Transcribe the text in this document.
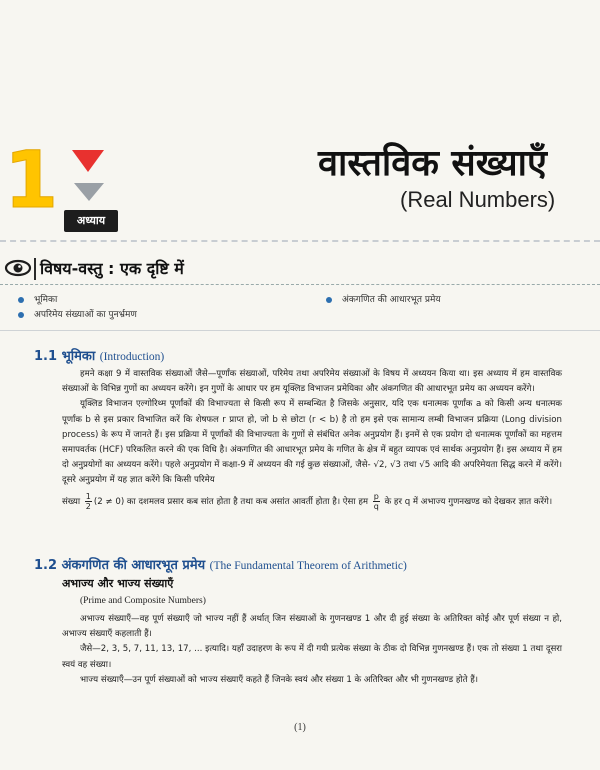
1	अध्याय
वास्तविक संख्याएँ
(Real Numbers)
विषय-वस्तु : एक दृष्टि में
भूमिका
अपरिमेय संख्याओं का पुनर्भ्रमण
अंकगणित की आधारभूत प्रमेय
1.1 भूमिका (Introduction)

हमने कक्षा 9 में वास्तविक संख्याओं जैसे—पूर्णांक संख्याओं, परिमेय तथा अपरिमेय संख्याओं के विषय में अध्ययन किया था। इस अध्याय में हम वास्तविक संख्याओं के विभिन्न गुणों का अध्ययन करेंगे। इन गुणों के आधार पर हम यूक्लिड विभाजन प्रमेयिका और अंकगणित की आधारभूत प्रमेय का अध्ययन करेंगे।

यूक्लिड विभाजन एल्गोरिथ्म पूर्णांकों की विभाज्यता से किसी रूप में सम्बन्धित है जिसके अनुसार, यदि एक धनात्मक पूर्णांक a को किसी अन्य धनात्मक पूर्णांक b से इस प्रकार विभाजित करें कि शेषफल r प्राप्त हो, जो b से छोटा (r < b) है तो हम इसे एक सामान्य लम्बी विभाजन प्रक्रिया (Long division process) के रूप में जानते हैं। इस प्रक्रिया में पूर्णांकों की विभाज्यता के गुणों से संबंधित अनेक अनुप्रयोग हैं। इनमें से एक प्रयोग दो धनात्मक पूर्णांकों का महत्तम समापवर्तक (HCF) परिकलित करने की एक विधि है। अंकगणित की आधारभूत प्रमेय के गणित के क्षेत्र में बहुत व्यापक एवं सार्थक अनुप्रयोग हैं। इस अध्याय में हम दो अनुप्रयोगों का अध्ययन करेंगे। पहले अनुप्रयोग में कक्षा-9 में अध्ययन की गई कुछ संख्याओं, जैसे- √2, √3 तथा √5 आदि की अपरिमेयता सिद्ध करने में करेंगे। दूसरे अनुप्रयोग में यह ज्ञात करेंगे कि किसी परिमेय

संख्या $\frac{1}{2} (2 \ne 0)$ का दशमलव प्रसार कब सांत होता है तथा कब असांत आवर्ती होता है। ऐसा हम $\frac{p}{q}$ के हर q में अभाज्य गुणनखण्ड को देखकर ज्ञात करेंगे।

1.2 अंकगणित की आधारभूत प्रमेय (The Fundamental Theorem of Arithmetic)
अभाज्य और भाज्य संख्याएँ
(Prime and Composite Numbers)

अभाज्य संख्याएँ—वह पूर्ण संख्याएँ जो भाज्य नहीं हैं अर्थात् जिन संख्याओं के गुणनखण्ड 1 और दी हुई संख्या के अतिरिक्त कोई और पूर्ण संख्या न हो, अभाज्य संख्याएँ कहलाती हैं।

जैसे—2, 3, 5, 7, 11, 13, 17, ... इत्यादि। यहाँ उदाहरण के रूप में दी गयी प्रत्येक संख्या के ठीक दो विभिन्न गुणनखण्ड हैं। एक तो संख्या 1 तथा दूसरा स्वयं वह संख्या।

भाज्य संख्याएँ—उन पूर्ण संख्याओं को भाज्य संख्याएँ कहते हैं जिनके स्वयं और संख्या 1 के अतिरिक्त और भी गुणनखण्ड होते हैं।

(1)
